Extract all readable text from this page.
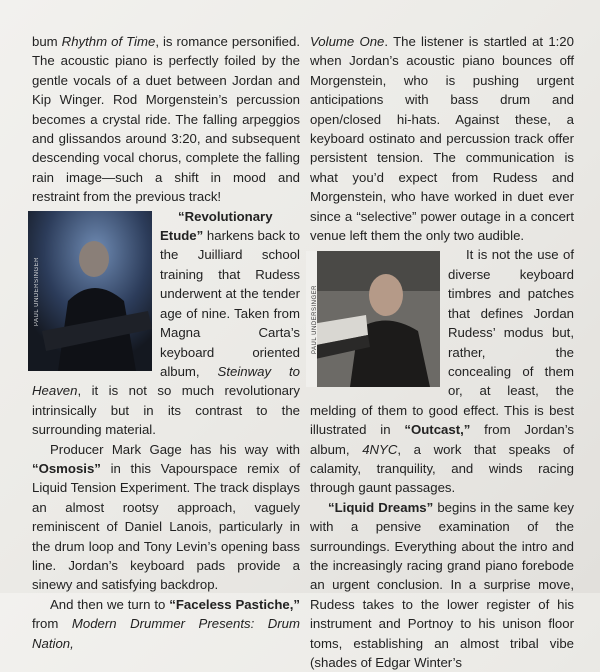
bum Rhythm of Time, is romance personified. The acoustic piano is perfectly foiled by the gentle vocals of a duet between Jordan and Kip Winger. Rod Morgenstein’s percussion becomes a crystal ride. The falling arpeggios and glissandos around 3:20, and subsequent descending vocal chorus, complete the falling rain image—such a shift in mood and restraint from the previous track!

PAUL UNDERSINGER

“Revolutionary Etude” harkens back to the Juilliard school training that Rudess underwent at the tender age of nine. Taken from Magna Carta’s keyboard oriented album, Steinway to Heaven, it is not so much revolutionary intrinsically but in its contrast to the surrounding material.

Producer Mark Gage has his way with “Osmosis” in this Vapourspace remix of Liquid Tension Experiment. The track displays an almost rootsy approach, vaguely reminiscent of Daniel Lanois, particularly in the drum loop and Tony Levin’s opening bass line. Jordan’s keyboard pads provide a sinewy and satisfying backdrop.

And then we turn to “Faceless Pastiche,” from Modern Drummer Presents: Drum Nation,

Volume One. The listener is startled at 1:20 when Jordan’s acoustic piano bounces off Morgenstein, who is pushing urgent anticipations with bass drum and open/closed hi-hats. Against these, a keyboard ostinato and percussion track offer persistent tension. The communication is what you’d expect from Rudess and Morgenstein, who have worked in duet ever since a “selective” power outage in a concert venue left them the only two audible.

PAUL UNDERSINGER

It is not the use of diverse keyboard timbres and patches that defines Jordan Rudess’ modus but, rather, the concealing of them or, at least, the melding of them to good effect. This is best illustrated in “Outcast,” from Jordan’s album, 4NYC, a work that speaks of calamity, tranquility, and winds racing through gaunt passages.

“Liquid Dreams” begins in the same key with a pensive examination of the surroundings. Everything about the intro and the increasingly racing grand piano forebode an urgent conclusion. In a surprise move, Rudess takes to the lower register of his instrument and Portnoy to his unison floor toms, establishing an almost tribal vibe (shades of Edgar Winter’s
